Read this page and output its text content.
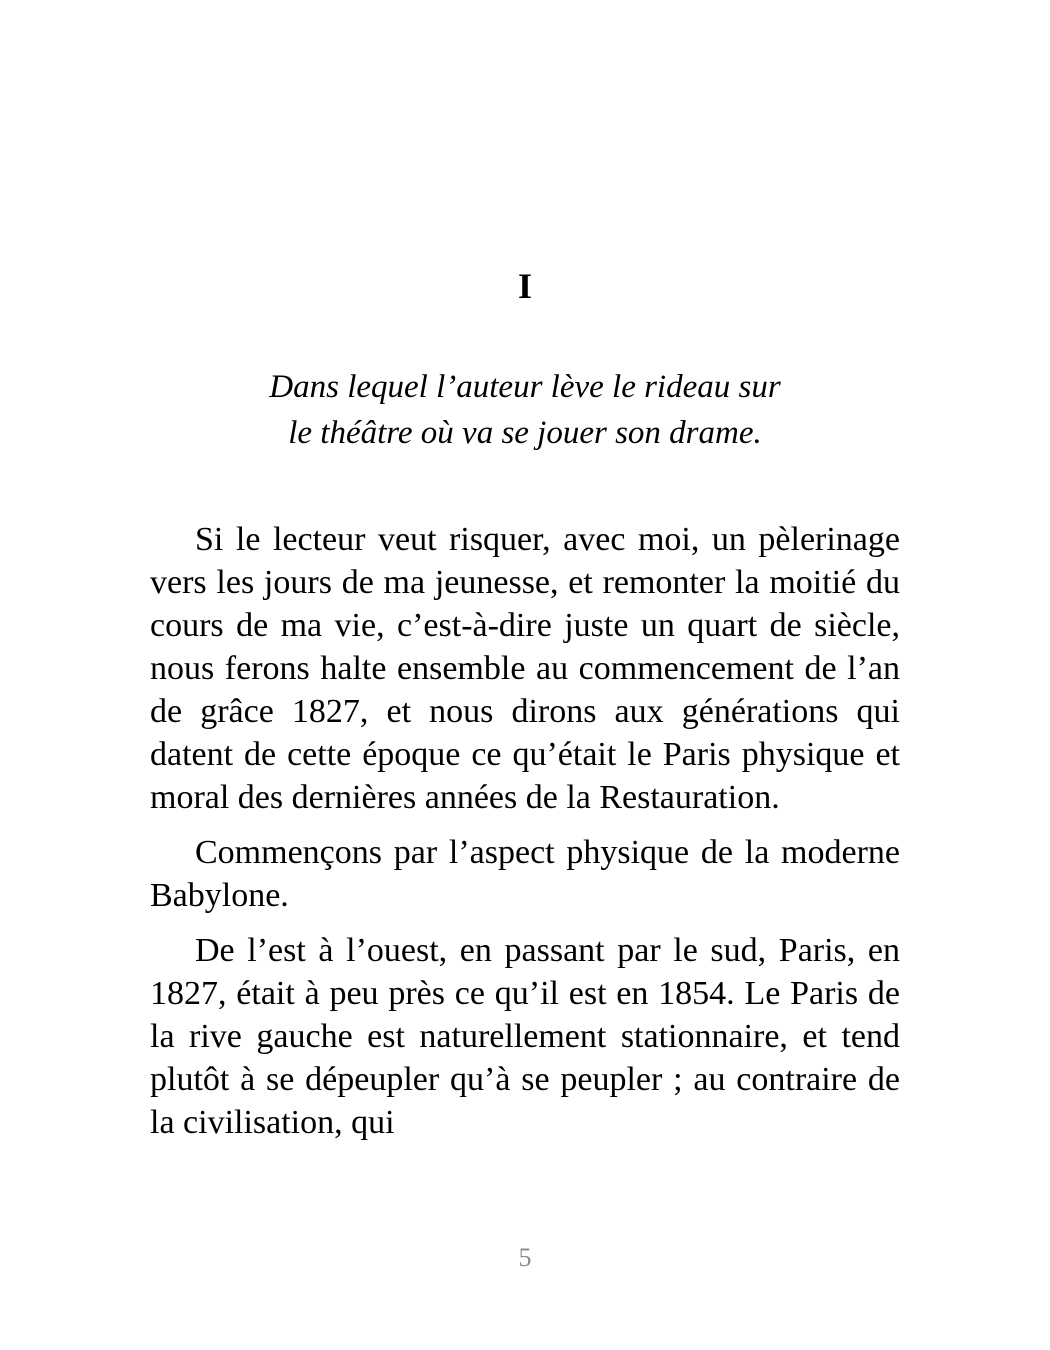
I
Dans lequel l’auteur lève le rideau sur
le théâtre où va se jouer son drame.

Si le lecteur veut risquer, avec moi, un pèlerinage vers les jours de ma jeunesse, et remonter la moitié du cours de ma vie, c’est-à-dire juste un quart de siècle, nous ferons halte ensemble au commencement de l’an de grâce 1827, et nous dirons aux générations qui datent de cette époque ce qu’était le Paris physique et moral des dernières années de la Restauration.

Commençons par l’aspect physique de la moderne Babylone.

De l’est à l’ouest, en passant par le sud, Paris, en 1827, était à peu près ce qu’il est en 1854. Le Paris de la rive gauche est naturellement stationnaire, et tend plutôt à se dépeupler qu’à se peupler ; au contraire de la civilisation, qui

5
